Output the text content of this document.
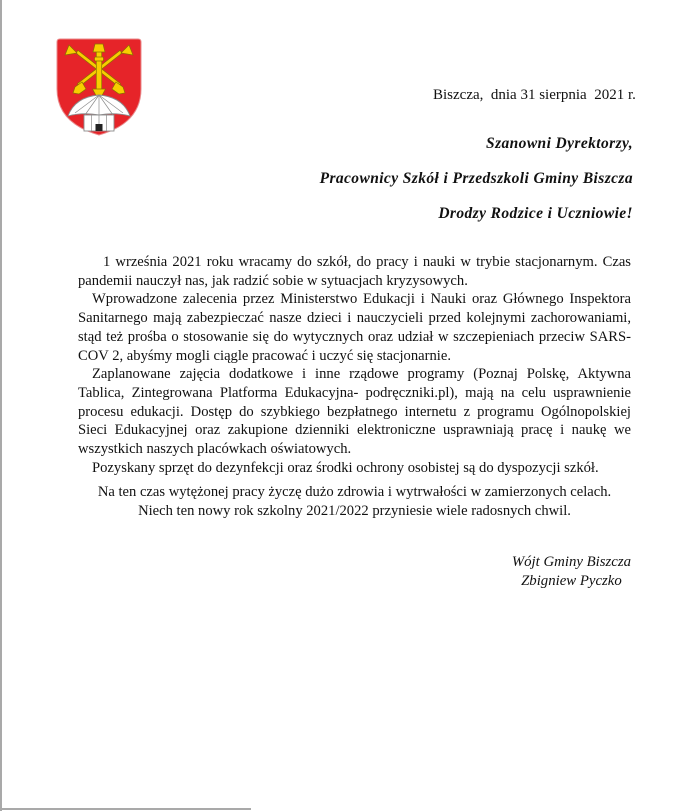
Biszcza,  dnia 31 sierpnia  2021 r.
Szanowni Dyrektorzy,
Pracownicy Szkół i Przedszkoli Gminy Biszcza
Drodzy Rodzice i Uczniowie!

1 września 2021 roku wracamy do szkół, do pracy i nauki w trybie stacjonarnym. Czas pandemii nauczył nas, jak radzić sobie w sytuacjach kryzysowych.

Wprowadzone zalecenia przez Ministerstwo Edukacji i Nauki oraz Głównego Inspektora Sanitarnego mają zabezpieczać nasze dzieci i nauczycieli przed kolejnymi zachorowaniami, stąd też prośba o stosowanie się do wytycznych oraz udział w szczepieniach przeciw SARS-COV 2, abyśmy mogli ciągle pracować i uczyć się stacjonarnie.

Zaplanowane zajęcia dodatkowe i inne rządowe programy (Poznaj Polskę, Aktywna Tablica, Zintegrowana Platforma Edukacyjna- podręczniki.pl), mają na celu usprawnienie procesu edukacji. Dostęp do szybkiego bezpłatnego internetu z programu Ogólnopolskiej Sieci Edukacyjnej oraz zakupione dzienniki elektroniczne usprawniają pracę i naukę we wszystkich naszych placówkach oświatowych.

Pozyskany sprzęt do dezynfekcji oraz środki ochrony osobistej są do dyspozycji szkół.

Na ten czas wytężonej pracy życzę dużo zdrowia i wytrwałości w zamierzonych celach.
Niech ten nowy rok szkolny 2021/2022 przyniesie wiele radosnych chwil.
Wójt Gminy Biszcza
Zbigniew Pyczko
